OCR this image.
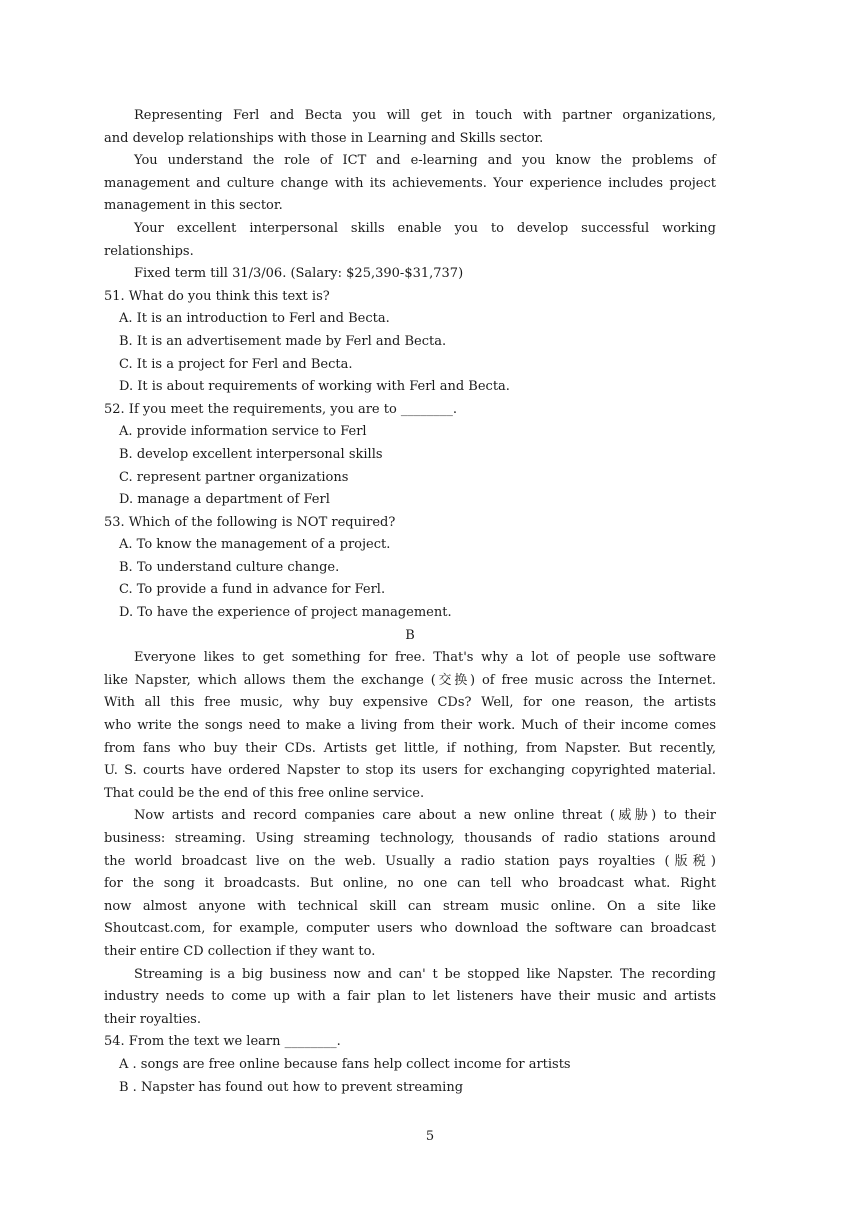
Representing Ferl and Becta you will get in touch with partner organizations,
and develop relationships with those in Learning and Skills sector.
You understand the role of ICT and e-learning and you know the problems of
management and culture change with its achievements. Your experience includes project
management in this sector.
Your excellent interpersonal skills enable you to develop successful working
relationships.
Fixed term till 31/3/06. (Salary: $25,390-$31,737)
51. What do you think this text is?
A. It is an introduction to Ferl and Becta.
B. It is an advertisement made by Ferl and Becta.
C. It is a project for Ferl and Becta.
D. It is about requirements of working with Ferl and Becta.
52. If you meet the requirements, you are to ________.
A. provide information service to Ferl
B. develop excellent interpersonal skills
C. represent partner organizations
D. manage a department of Ferl
53. Which of the following is NOT required?
A. To know the management of a project.
B. To understand culture change.
C. To provide a fund in advance for Ferl.
D. To have the experience of project management.
B
Everyone likes to get something for free. That's why a lot of people use software
like Napster, which allows them the exchange (交换) of free music across the Internet.
With all this free music, why buy expensive CDs? Well, for one reason, the artists
who write the songs need to make a living from their work. Much of their income comes
from fans who buy their CDs. Artists get little, if nothing, from Napster. But recently,
U. S. courts have ordered Napster to stop its users for exchanging copyrighted material.
That could be the end of this free online service.
Now artists and record companies care about a new online threat (威胁) to their
business: streaming. Using streaming technology, thousands of radio stations around
the world broadcast live on the web. Usually a radio station pays royalties (版税)
for the song it broadcasts. But online, no one can tell who broadcast what. Right
now almost anyone with technical skill can stream music online. On a site like
Shoutcast.com, for example, computer users who download the software can broadcast
their entire CD collection if they want to.
Streaming is a big business now and can' t be stopped like Napster. The recording
industry needs to come up with a fair plan to let listeners have their music and artists
their royalties.
54. From the text we learn ________.
A . songs are free online because fans help collect income for artists
B . Napster has found out how to prevent streaming
5
